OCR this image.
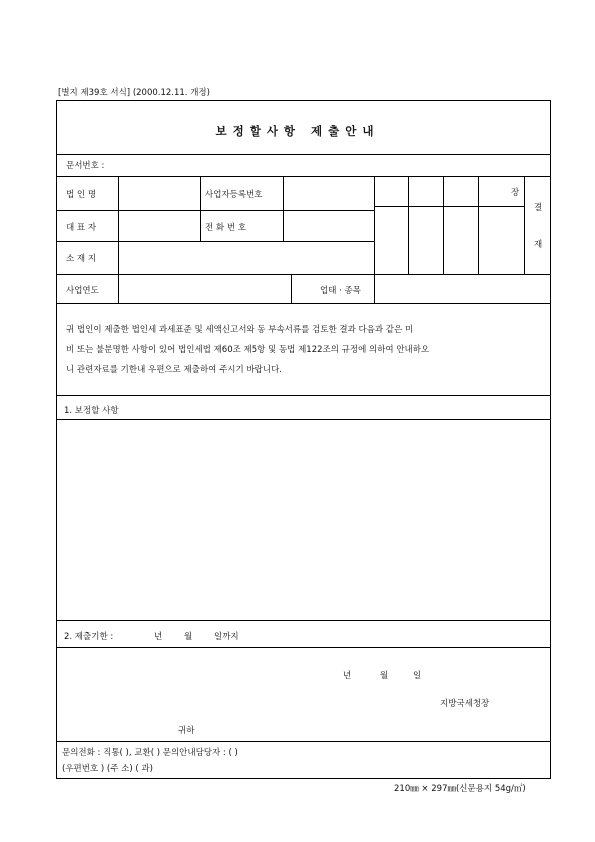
[별지 제39호 서식] (2000.12.11. 개정)
보정할사항 제출안내
문서번호 :
법 인 명	사업자등록번호
대 표 자	전 화 번 호
소 재 지
사업연도	업태 · 종목
장
결
재
귀 법인이 제출한 법인세 과세표준 및 세액신고서와 동 부속서류를 검토한 결과 다음과 같은 미
비 또는 불분명한 사항이 있어 법인세법 제60조 제5항 및 동법 제122조의 규정에 의하여 안내하오
니 관련자료를 기한내 우편으로 제출하여 주시기 바랍니다.
1. 보정할 사항
2. 제출기한 :	년	월	일까지
년	월	일
지방국세청장
귀하
문의전화 : 직통( ), 교환( ) 문의안내담당자 : ( )
(우편번호 ) (주 소) ( 과)
210㎜ × 297㎜(신문용지 54g/㎡)
